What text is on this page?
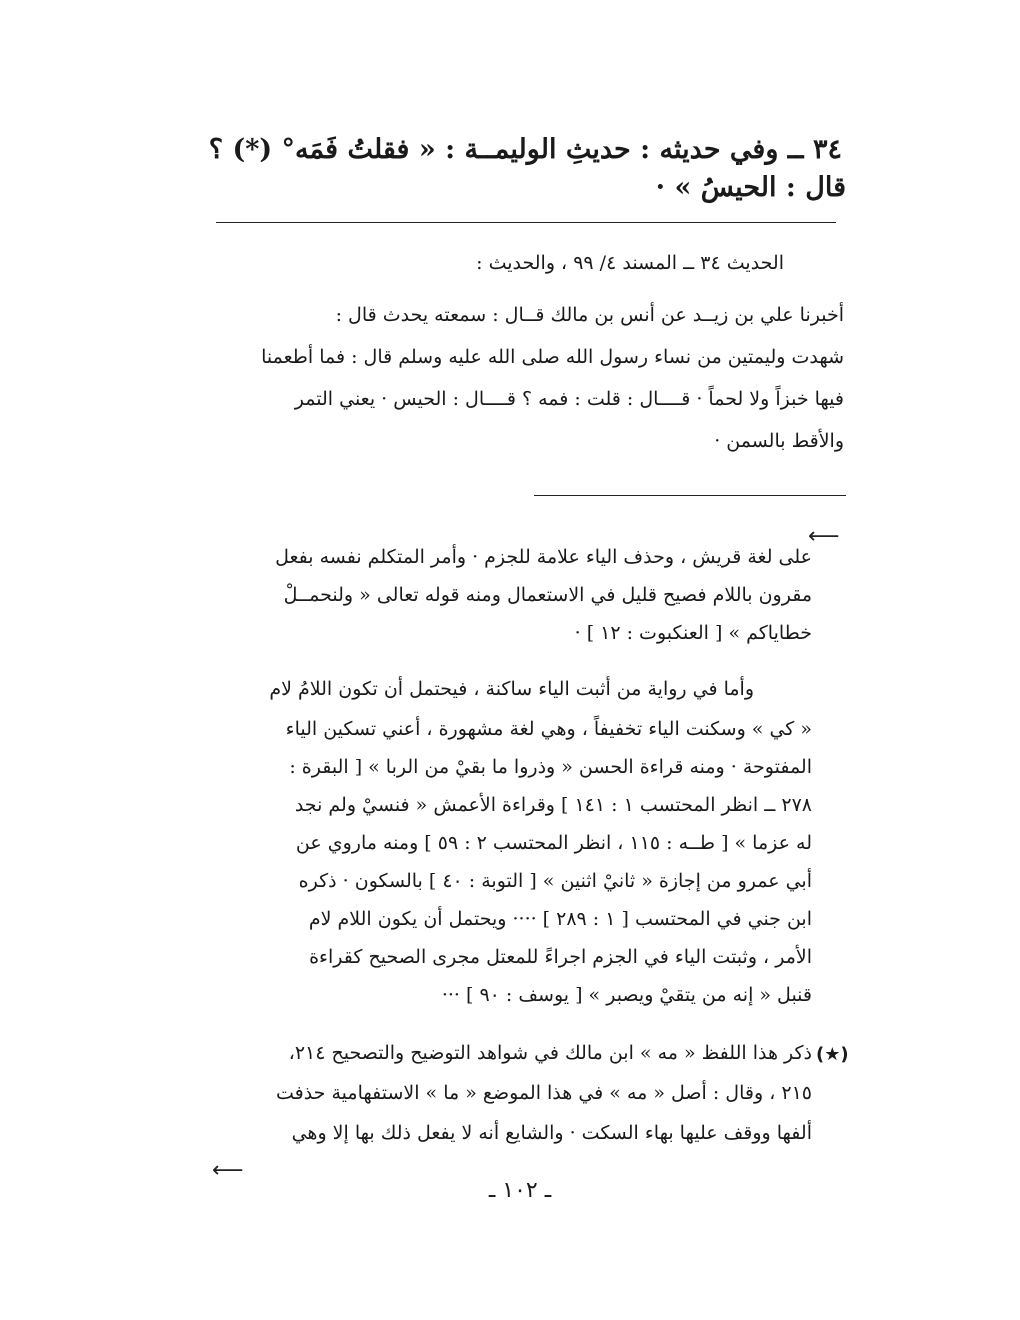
٣٤ ــ وفي حديثه : حديثِ الوليمــة : « فقلتُ فَمَه° (*) ؟
قال : الحيسُ » ·
الحديث ٣٤ ــ المسند ٤/ ٩٩ ، والحديث :
أخبرنا علي بن زيــد عن أنس بن مالك قــال : سمعته يحدث قال :
شهدت وليمتين من نساء رسول الله صلى الله عليه وسلم قال : فما أطعمنا
فيها خبزاً ولا لحماً · قــــال : قلت : فمه ؟ قــــال : الحيس · يعني التمر
والأقط بالسمن ·
⟵
على لغة قريش ، وحذف الياء علامة للجزم · وأمر المتكلم نفسه بفعل
مقرون باللام فصيح قليل في الاستعمال ومنه قوله تعالى « ولنحمــلْ
خطاياكم » [ العنكبوت : ١٢ ] ·
وأما في رواية من أثبت الياء ساكنة ، فيحتمل أن تكون اللامُ لام
« كي » وسكنت الياء تخفيفاً ، وهي لغة مشهورة ، أعني تسكين الياء
المفتوحة · ومنه قراءة الحسن « وذروا ما بقيْ من الربا » [ البقرة :
٢٧٨ ــ انظر المحتسب ١ : ١٤١ ] وقراءة الأعمش « فنسيْ ولم نجد
له عزما » [ طــه : ١١٥ ، انظر المحتسب ٢ : ٥٩ ] ومنه ماروي عن
أبي عمرو من إجازة « ثانيْ اثنين » [ التوبة : ٤٠ ] بالسكون · ذكره
ابن جني في المحتسب [ ١ : ٢٨٩ ] ···· ويحتمل أن يكون اللام لام
الأمر ، وثبتت الياء في الجزم اجراءً للمعتل مجرى الصحيح كقراءة
قنبل « إنه من يتقيْ ويصبر » [ يوسف : ٩٠ ] ···
(★)
ذكر هذا اللفظ « مه » ابن مالك في شواهد التوضيح والتصحيح ٢١٤،
٢١٥ ، وقال : أصل « مه » في هذا الموضع « ما » الاستفهامية حذفت
ألفها ووقف عليها بهاء السكت · والشايع أنه لا يفعل ذلك بها إلا وهي
⟵
ـ ١٠٢ ـ
